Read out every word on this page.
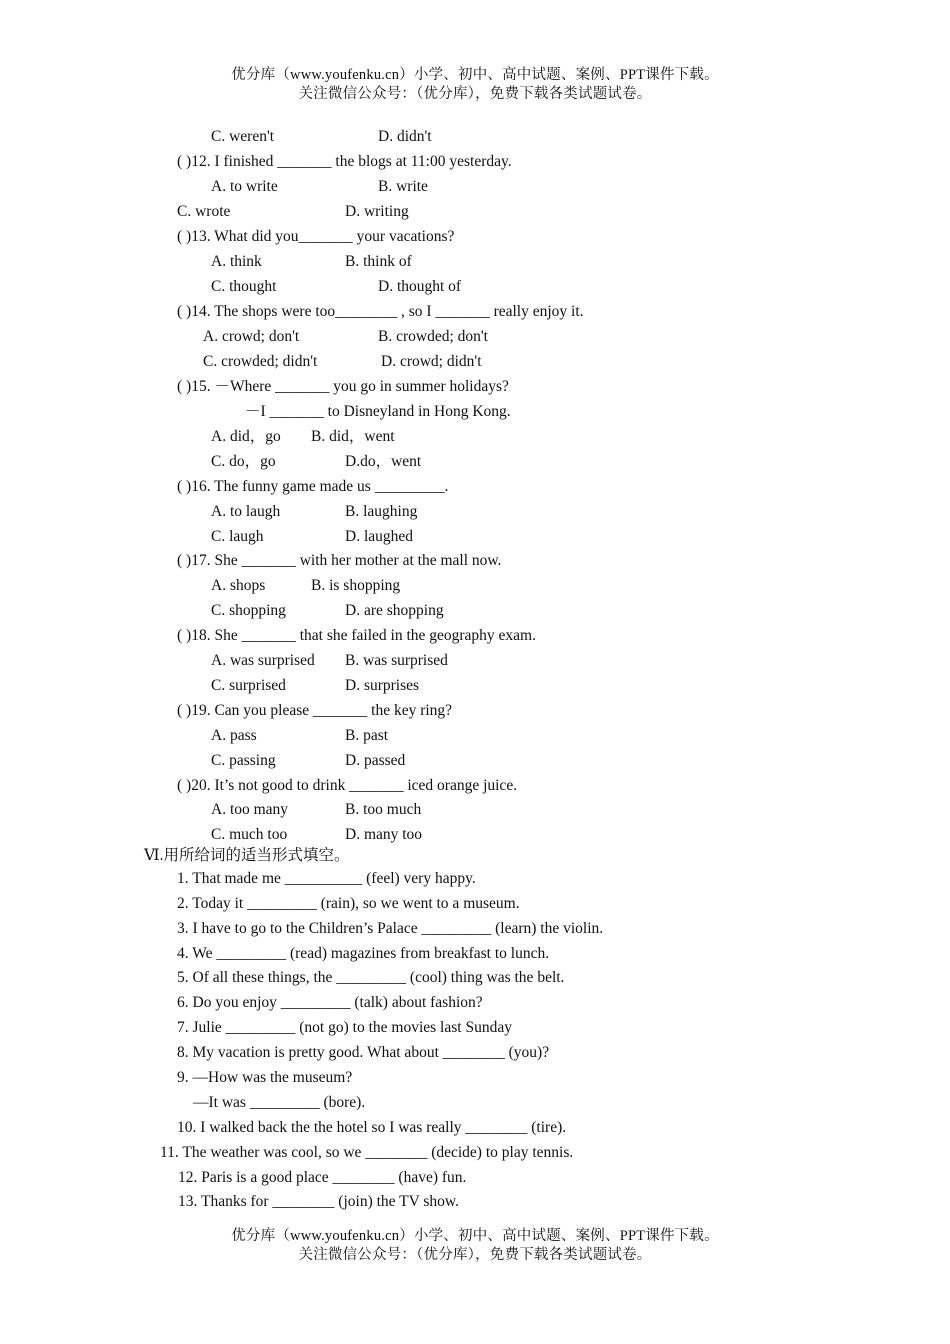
优分库（www.youfenku.cn）小学、初中、高中试题、案例、PPT课件下载。
关注微信公众号：（优分库），免费下载各类试题试卷。
C. weren't	D. didn't
( )12. I finished _______ the blogs at 11:00 yesterday.
A. to write	B. write
C. wrote	D. writing
( )13. What did you_______ your vacations?
A. think	B. think of
C. thought	D. thought of
( )14. The shops were too________ , so I _______ really enjoy it.
A. crowd; don't	B. crowded; don't
C. crowded; didn't	D. crowd; didn't
( )15. －Where _______ you go in summer holidays?
－I _______ to Disneyland in Hong Kong.
A. did，go B. did，went
C. do，go	D.do，went
( )16. The funny game made us _________.
A. to laugh	B. laughing
C. laugh	D. laughed
( )17. She _______ with her mother at the mall now.
A. shops	B. is shopping
C. shopping	D. are shopping
( )18. She _______ that she failed in the geography exam.
A. was surprised B. was surprised
C. surprised	D. surprises
( )19. Can you please _______ the key ring?
A. pass	B. past
C. passing	D. passed
( )20. It’s not good to drink _______ iced orange juice.
A. too many	B. too much
C. much too	D. many too
Ⅵ.用所给词的适当形式填空。
1. That made me __________ (feel) very happy.
2. Today it _________ (rain), so we went to a museum.
3. I have to go to the Children’s Palace _________ (learn) the violin.
4. We _________ (read) magazines from breakfast to lunch.
5. Of all these things, the _________ (cool) thing was the belt.
6. Do you enjoy _________ (talk) about fashion?
7. Julie _________ (not go) to the movies last Sunday
8. My vacation is pretty good. What about ________ (you)?
9. —How was the museum?
—It was _________ (bore).
10. I walked back the the hotel so I was really ________ (tire).
11. The weather was cool, so we ________ (decide) to play tennis.
12. Paris is a good place ________ (have) fun.
13. Thanks for ________ (join) the TV show.
优分库（www.youfenku.cn）小学、初中、高中试题、案例、PPT课件下载。
关注微信公众号：（优分库），免费下载各类试题试卷。
